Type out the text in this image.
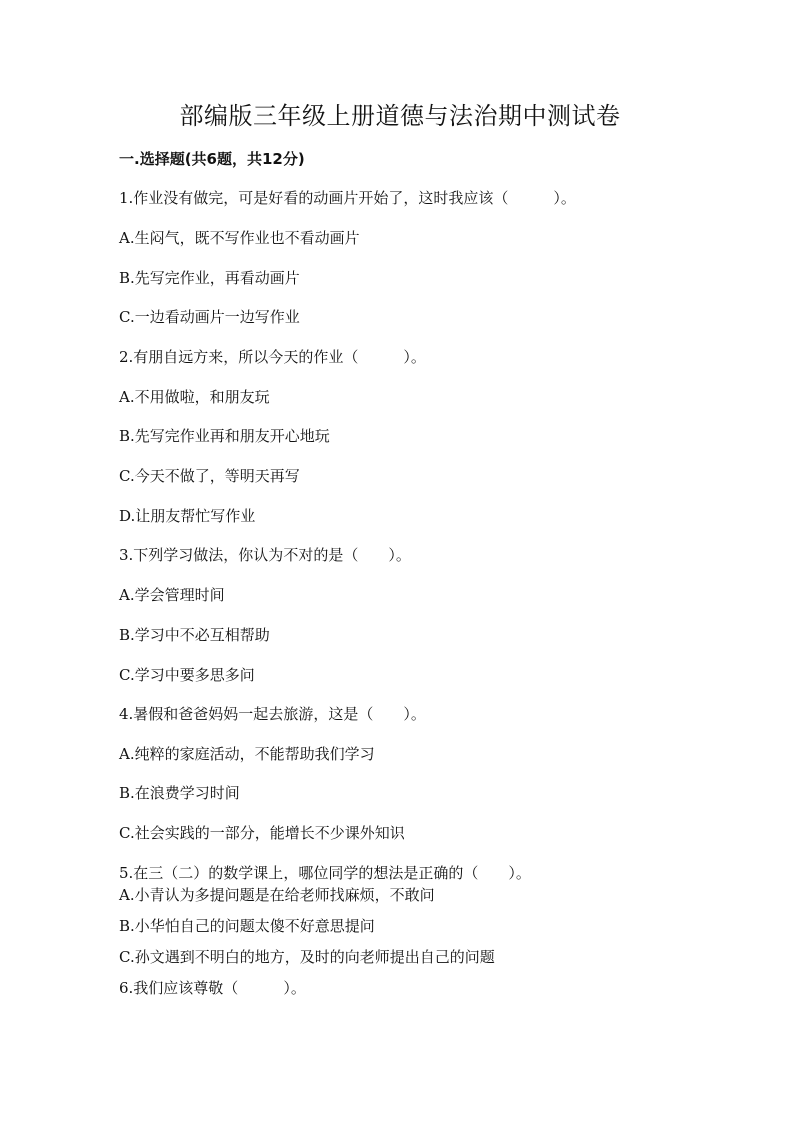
部编版三年级上册道德与法治期中测试卷
一.选择题(共6题，共12分)
1.作业没有做完，可是好看的动画片开始了，这时我应该（　　　）。
A.生闷气，既不写作业也不看动画片
B.先写完作业，再看动画片
C.一边看动画片一边写作业
2.有朋自远方来，所以今天的作业（　　　）。
A.不用做啦，和朋友玩
B.先写完作业再和朋友开心地玩
C.今天不做了，等明天再写
D.让朋友帮忙写作业
3.下列学习做法，你认为不对的是（　　）。
A.学会管理时间
B.学习中不必互相帮助
C.学习中要多思多问
4.暑假和爸爸妈妈一起去旅游，这是（　　）。
A.纯粹的家庭活动，不能帮助我们学习
B.在浪费学习时间
C.社会实践的一部分，能增长不少课外知识
5.在三（二）的数学课上，哪位同学的想法是正确的（　　）。
A.小青认为多提问题是在给老师找麻烦，不敢问
B.小华怕自己的问题太傻不好意思提问
C.孙文遇到不明白的地方，及时的向老师提出自己的问题
6.我们应该尊敬（　　　）。
